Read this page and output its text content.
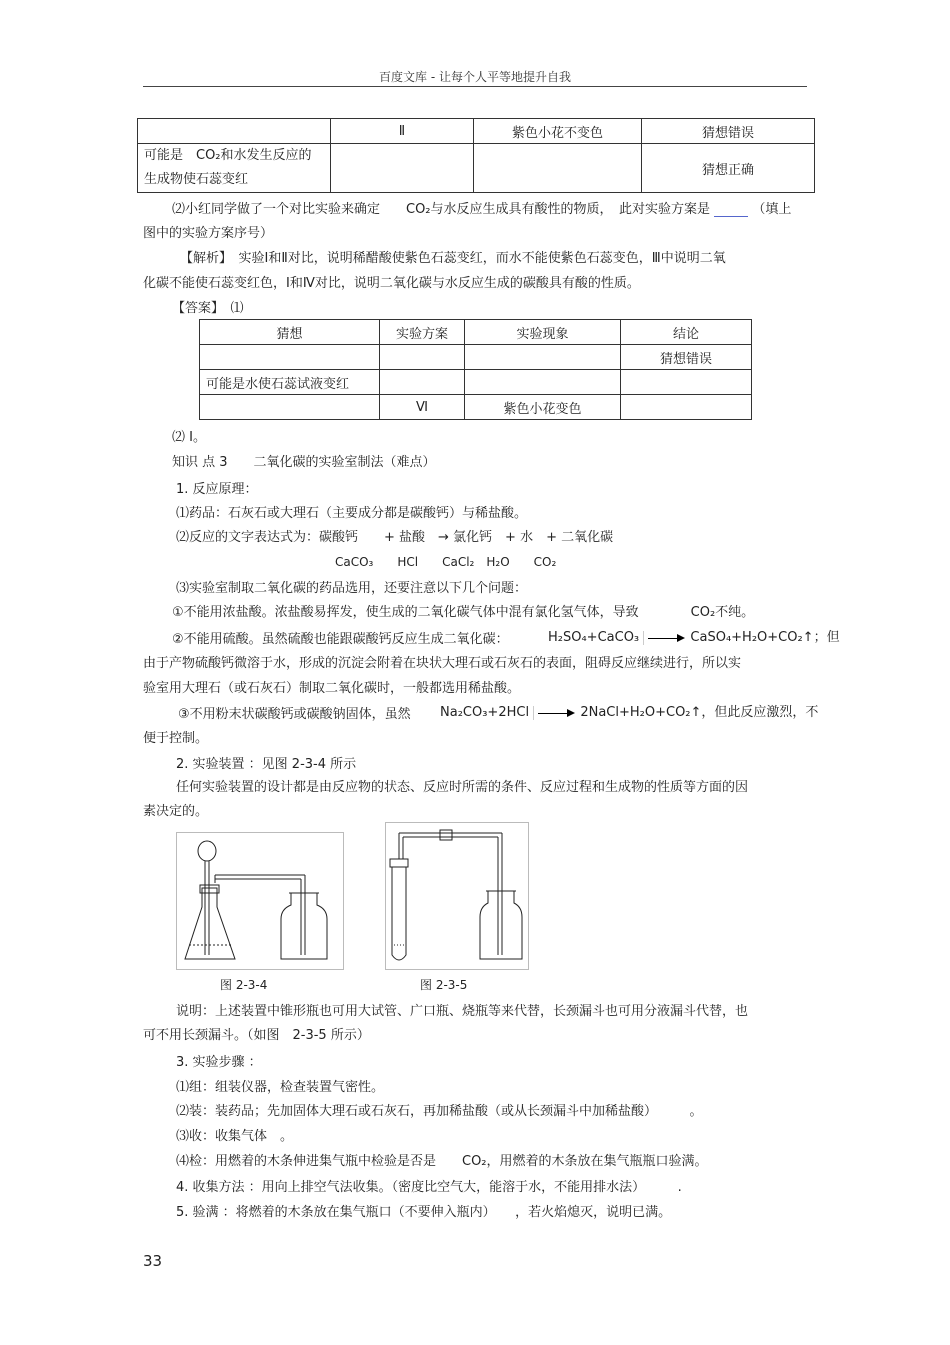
百度文库 - 让每个人平等地提升自我
	Ⅱ	紫色小花不变色	猜想错误
可能是　CO₂和水发生反应的
生成物使石蕊变红			猜想正确
⑵小红同学做了一个对比实验来确定　　CO₂与水反应生成具有酸性的物质，　此对实验方案是	（填上
图中的实验方案序号）
【解析】　实验Ⅰ和Ⅱ对比，说明稀醋酸使紫色石蕊变红，而水不能使紫色石蕊变色，Ⅲ中说明二氧
化碳不能使石蕊变红色，Ⅰ和Ⅳ对比，说明二氧化碳与水反应生成的碳酸具有酸的性质。
【答案】　⑴
猜想	实验方案	实验现象	结论
			猜想错误
可能是水使石蕊试液变红			
	Ⅵ	紫色小花变色	
⑵ Ⅰ。
知识 点 3　　二氧化碳的实验室制法（难点）
1. 反应原理：
⑴药品：石灰石或大理石（主要成分都是碳酸钙）与稀盐酸。
⑵反应的文字表达式为：碳酸钙　　+ 盐酸　→ 氯化钙　+ 水　+ 二氧化碳
CaCO₃　　HCl　　CaCl₂　H₂O　　CO₂
⑶实验室制取二氧化碳的药品选用，还要注意以下几个问题：
①不能用浓盐酸。浓盐酸易挥发，使生成的二氧化碳气体中混有氯化氢气体，导致　　　　CO₂不纯。
②不能用硫酸。虽然硫酸也能跟碳酸钙反应生成二氧化碳：	H₂SO₄+CaCO₃	CaSO₄+H₂O+CO₂↑；但
由于产物硫酸钙微溶于水，形成的沉淀会附着在块状大理石或石灰石的表面，阻碍反应继续进行，所以实
验室用大理石（或石灰石）制取二氧化碳时，一般都选用稀盐酸。
③不用粉末状碳酸钙或碳酸钠固体，虽然 Na₂CO₃+2HCl	2NaCl+H₂O+CO₂↑，但此反应激烈，不
便于控制。
2. 实验装置 ：见图 2-3-4 所示
任何实验装置的设计都是由反应物的状态、反应时所需的条件、反应过程和生成物的性质等方面的因
素决定的。
图 2-3-4	图 2-3-5
说明：上述装置中锥形瓶也可用大试管、广口瓶、烧瓶等来代替，长颈漏斗也可用分液漏斗代替，也
可不用长颈漏斗。（如图　2-3-5 所示）
3. 实验步骤 ：
⑴组：组装仪器，检查装置气密性。
⑵装：装药品；先加固体大理石或石灰石，再加稀盐酸（或从长颈漏斗中加稀盐酸）　　　。
⑶收：收集气体　。
⑷检：用燃着的木条伸进集气瓶中检验是否是　　CO₂，用燃着的木条放在集气瓶瓶口验满。
4. 收集方法 ：用向上排空气法收集。（密度比空气大，能溶于水，不能用排水法）　　　.
5. 验满 ：将燃着的木条放在集气瓶口（不要伸入瓶内）　　，若火焰熄灭，说明已满。
33
